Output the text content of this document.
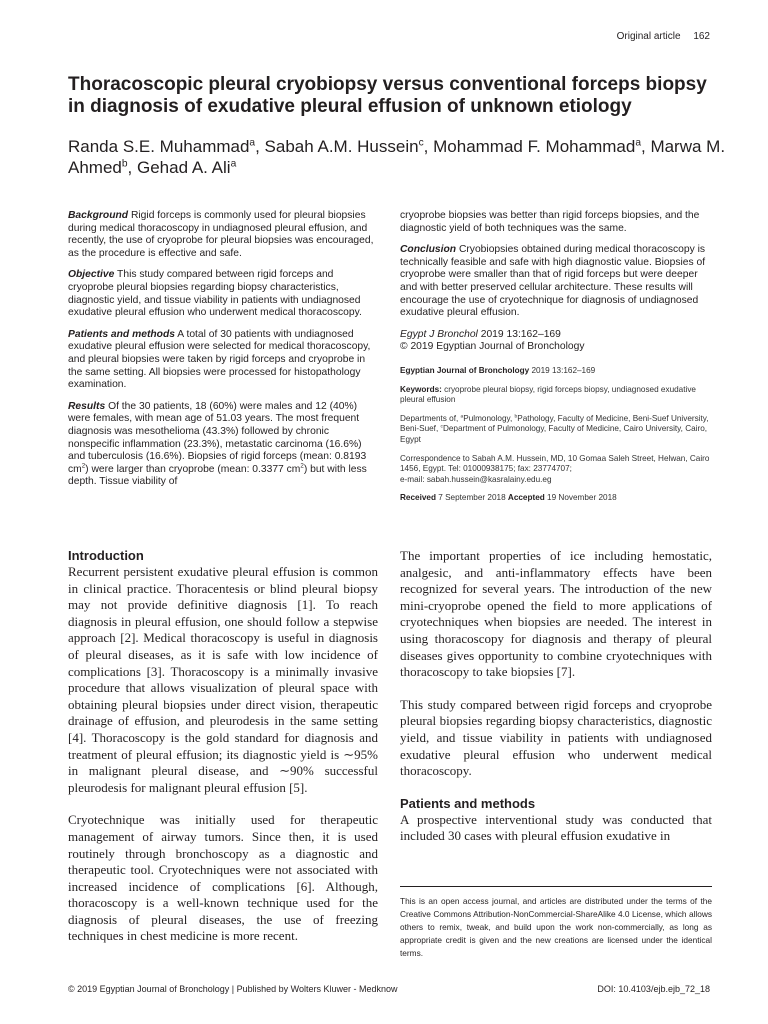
Original article 162
Thoracoscopic pleural cryobiopsy versus conventional forceps biopsy in diagnosis of exudative pleural effusion of unknown etiology

Randa S.E. Muhammad$^a$, Sabah A.M. Hussein$^c$, Mohammad F. Mohammad$^a$, Marwa M. Ahmed$^b$, Gehad A. Ali$^a$

Background Rigid forceps is commonly used for pleural biopsies during medical thoracoscopy in undiagnosed pleural effusion, and recently, the use of cryoprobe for pleural biopsies was encouraged, as the procedure is effective and safe.

Objective This study compared between rigid forceps and cryoprobe pleural biopsies regarding biopsy characteristics, diagnostic yield, and tissue viability in patients with undiagnosed exudative pleural effusion who underwent medical thoracoscopy.

Patients and methods A total of 30 patients with undiagnosed exudative pleural effusion were selected for medical thoracoscopy, and pleural biopsies were taken by rigid forceps and cryoprobe in the same setting. All biopsies were processed for histopathology examination.

Results Of the 30 patients, 18 (60%) were males and 12 (40%) were females, with mean age of 51.03 years. The most frequent diagnosis was mesothelioma (43.3%) followed by chronic nonspecific inflammation (23.3%), metastatic carcinoma (16.6%) and tuberculosis (16.6%). Biopsies of rigid forceps (mean: 0.8193 $cm^2$) were larger than cryoprobe (mean: 0.3377 $cm^2$) but with less depth. Tissue viability of

cryoprobe biopsies was better than rigid forceps biopsies, and the diagnostic yield of both techniques was the same.

Conclusion Cryobiopsies obtained during medical thoracoscopy is technically feasible and safe with high diagnostic value. Biopsies of cryoprobe were smaller than that of rigid forceps but were deeper and with better preserved cellular architecture. These results will encourage the use of cryotechnique for diagnosis of undiagnosed exudative pleural effusion.

Egypt J Bronchol 2019 13:162–169
© 2019 Egyptian Journal of Bronchology

Egyptian Journal of Bronchology 2019 13:162–169

Keywords: cryoprobe pleural biopsy, rigid forceps biopsy, undiagnosed exudative pleural effusion

Departments of, $^a$Pulmonology, $^b$Pathology, Faculty of Medicine, Beni-Suef University, Beni-Suef, $^c$Department of Pulmonology, Faculty of Medicine, Cairo University, Cairo, Egypt

Correspondence to Sabah A.M. Hussein, MD, 10 Gomaa Saleh Street, Helwan, Cairo 1456, Egypt. Tel: 01000938175; fax: 23774707;
e-mail: sabah.hussein@kasralainy.edu.eg

Received 7 September 2018 Accepted 19 November 2018

Introduction

Recurrent persistent exudative pleural effusion is common in clinical practice. Thoracentesis or blind pleural biopsy may not provide definitive diagnosis [1]. To reach diagnosis in pleural effusion, one should follow a stepwise approach [2]. Medical thoracoscopy is useful in diagnosis of pleural diseases, as it is safe with low incidence of complications [3]. Thoracoscopy is a minimally invasive procedure that allows visualization of pleural space with obtaining pleural biopsies under direct vision, therapeutic drainage of effusion, and pleurodesis in the same setting [4]. Thoracoscopy is the gold standard for diagnosis and treatment of pleural effusion; its diagnostic yield is ∼95% in malignant pleural disease, and ∼90% successful pleurodesis for malignant pleural effusion [5].

Cryotechnique was initially used for therapeutic management of airway tumors. Since then, it is used routinely through bronchoscopy as a diagnostic and therapeutic tool. Cryotechniques were not associated with increased incidence of complications [6]. Although, thoracoscopy is a well-known technique used for the diagnosis of pleural diseases, the use of freezing techniques in chest medicine is more recent.

The important properties of ice including hemostatic, analgesic, and anti-inflammatory effects have been recognized for several years. The introduction of the new mini-cryoprobe opened the field to more applications of cryotechniques when biopsies are needed. The interest in using thoracoscopy for diagnosis and therapy of pleural diseases gives opportunity to combine cryotechniques with thoracoscopy to take biopsies [7].

This study compared between rigid forceps and cryoprobe pleural biopsies regarding biopsy characteristics, diagnostic yield, and tissue viability in patients with undiagnosed exudative pleural effusion who underwent medical thoracoscopy.

Patients and methods

A prospective interventional study was conducted that included 30 cases with pleural effusion exudative in

This is an open access journal, and articles are distributed under the terms of the Creative Commons Attribution-NonCommercial-ShareAlike 4.0 License, which allows others to remix, tweak, and build upon the work non-commercially, as long as appropriate credit is given and the new creations are licensed under the identical terms.
© 2019 Egyptian Journal of Bronchology | Published by Wolters Kluwer - Medknow	DOI: 10.4103/ejb.ejb_72_18
